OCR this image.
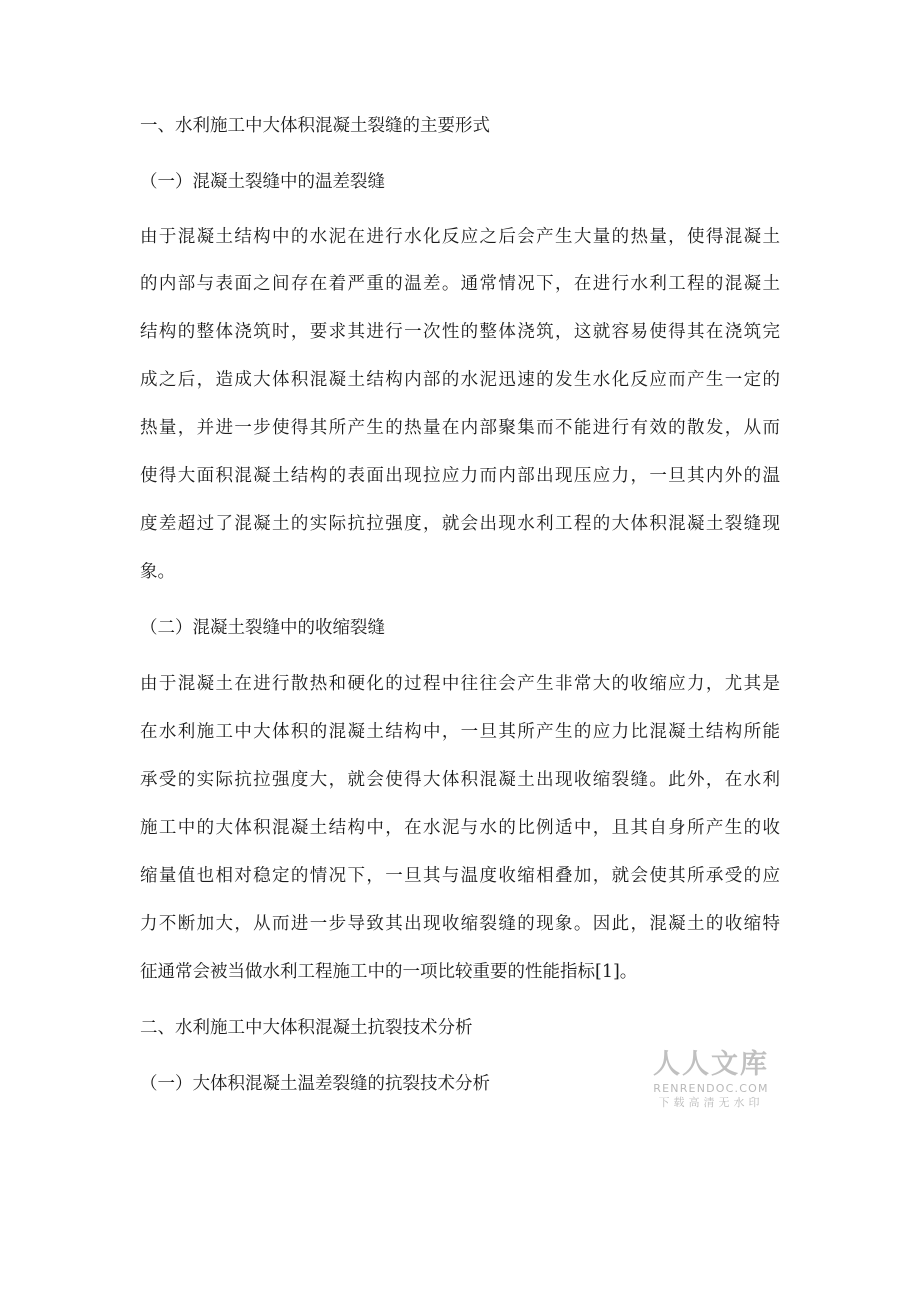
一、水利施工中大体积混凝土裂缝的主要形式
（一）混凝土裂缝中的温差裂缝
由于混凝土结构中的水泥在进行水化反应之后会产生大量的热量，使得混凝土
的内部与表面之间存在着严重的温差。通常情况下，在进行水利工程的混凝土
结构的整体浇筑时，要求其进行一次性的整体浇筑，这就容易使得其在浇筑完
成之后，造成大体积混凝土结构内部的水泥迅速的发生水化反应而产生一定的
热量，并进一步使得其所产生的热量在内部聚集而不能进行有效的散发，从而
使得大面积混凝土结构的表面出现拉应力而内部出现压应力，一旦其内外的温
度差超过了混凝土的实际抗拉强度，就会出现水利工程的大体积混凝土裂缝现
象。
（二）混凝土裂缝中的收缩裂缝
由于混凝土在进行散热和硬化的过程中往往会产生非常大的收缩应力，尤其是
在水利施工中大体积的混凝土结构中，一旦其所产生的应力比混凝土结构所能
承受的实际抗拉强度大，就会使得大体积混凝土出现收缩裂缝。此外，在水利
施工中的大体积混凝土结构中，在水泥与水的比例适中，且其自身所产生的收
缩量值也相对稳定的情况下，一旦其与温度收缩相叠加，就会使其所承受的应
力不断加大，从而进一步导致其出现收缩裂缝的现象。因此，混凝土的收缩特
征通常会被当做水利工程施工中的一项比较重要的性能指标[1]。
二、水利施工中大体积混凝土抗裂技术分析
（一）大体积混凝土温差裂缝的抗裂技术分析
人人文库
RENRENDOC.COM
下载高清无水印
